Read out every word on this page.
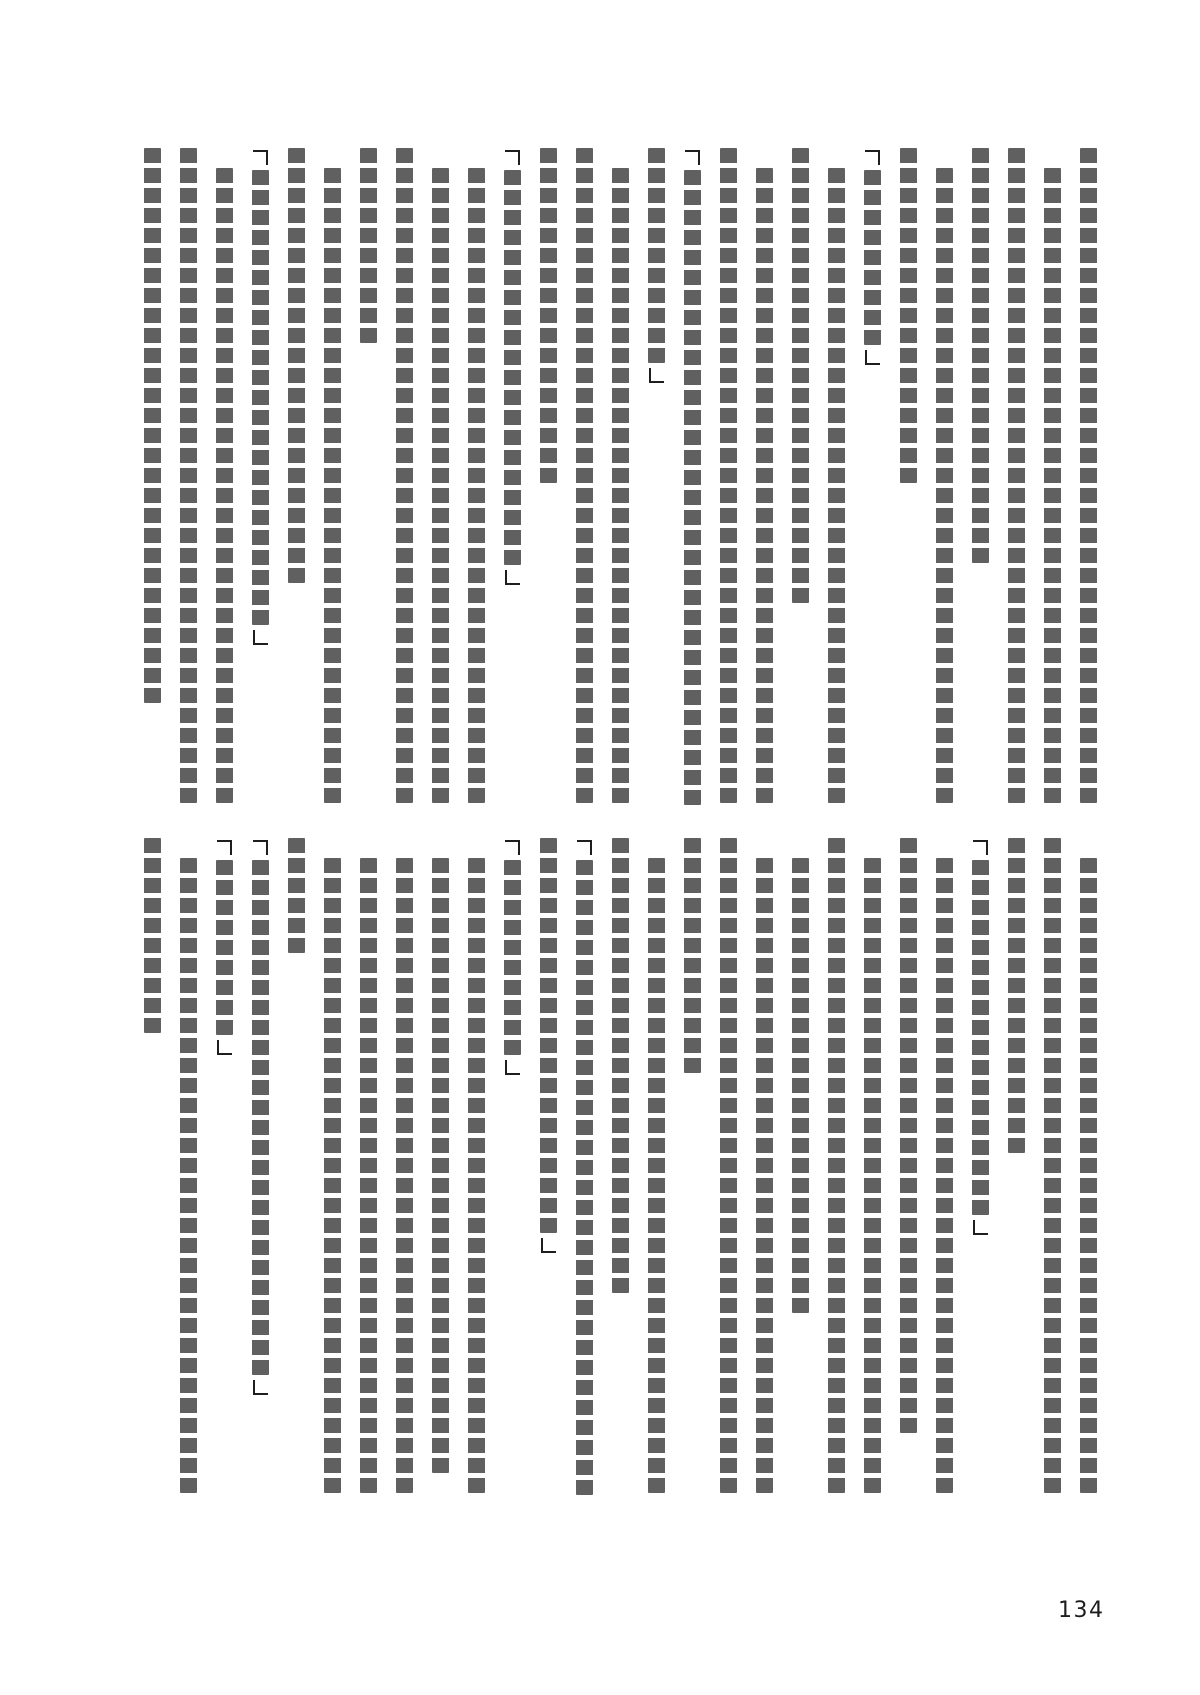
134
